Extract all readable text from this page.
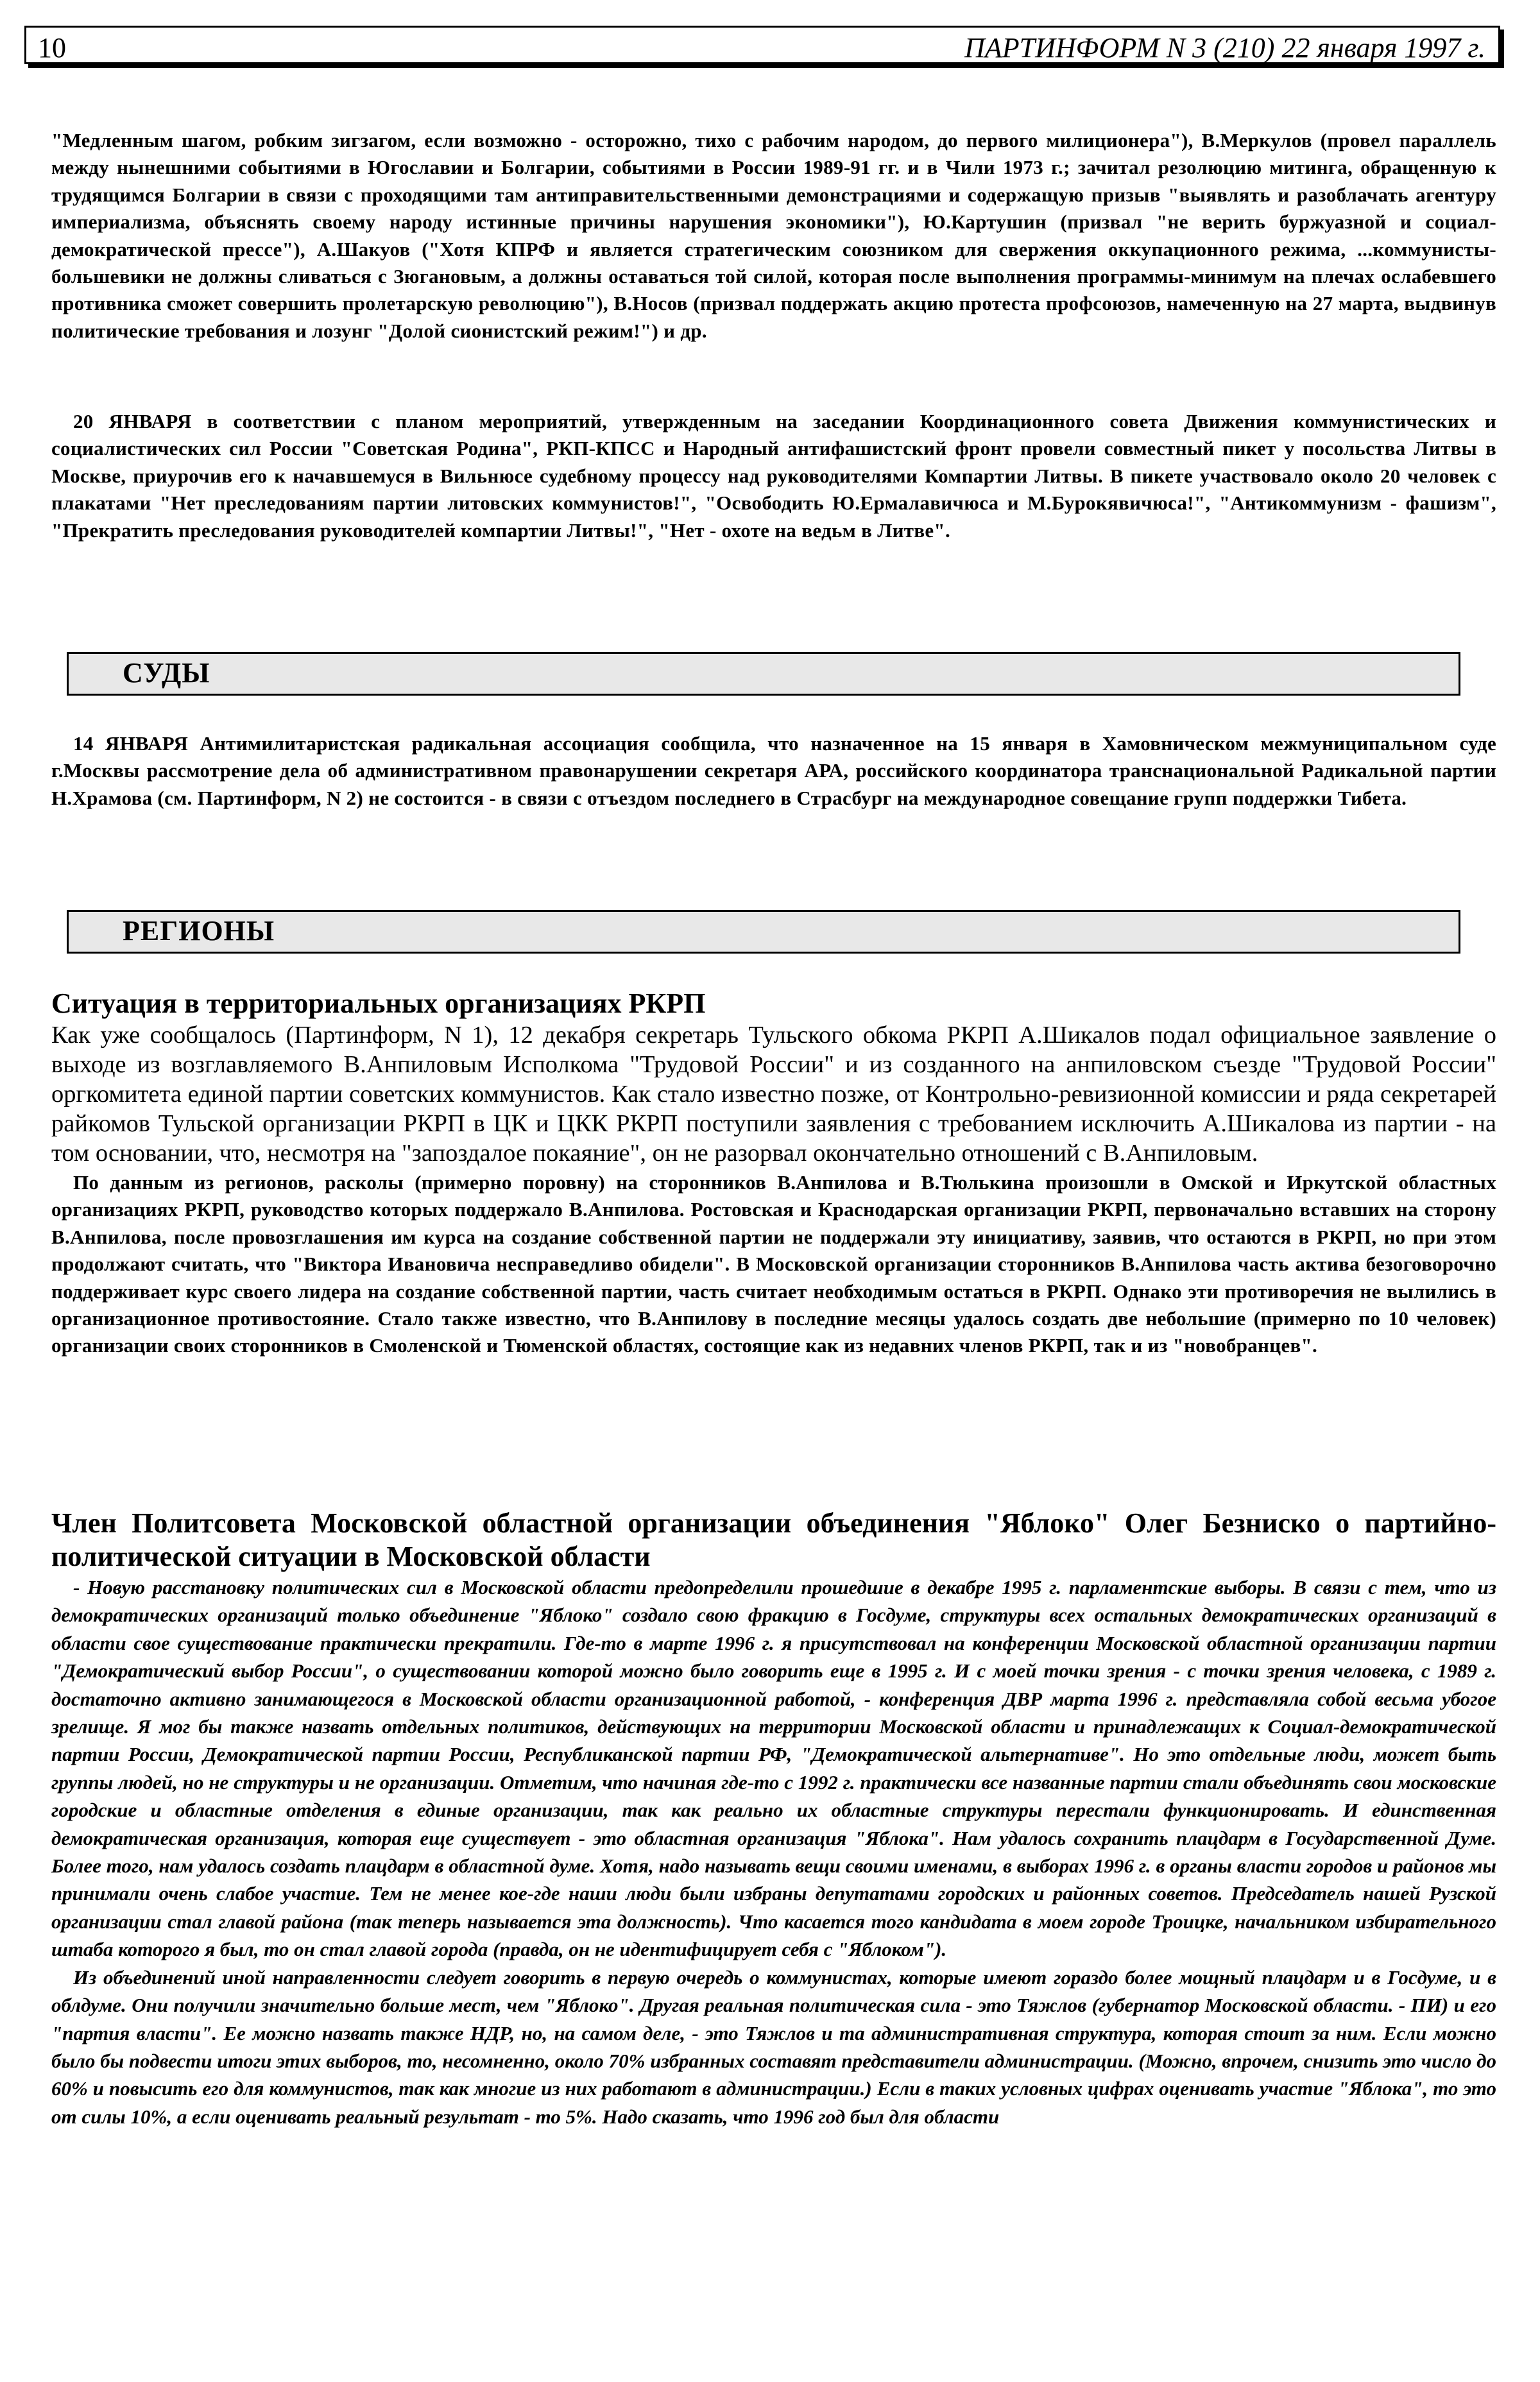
10	ПАРТИНФОРМ N 3 (210) 22 января 1997 г.

"Медленным шагом, робким зигзагом, если возможно - осторожно, тихо с рабочим народом, до первого милиционера"), В.Меркулов (провел параллель между нынешними событиями в Югославии и Болгарии, событиями в России 1989-91 гг. и в Чили 1973 г.; зачитал резолюцию митинга, обращенную к трудящимся Болгарии в связи с проходящими там антиправительственными демонстрациями и содержащую призыв "выявлять и разоблачать агентуру империализма, объяснять своему народу истинные причины нарушения экономики"), Ю.Картушин (призвал "не верить буржуазной и социал-демократической прессе"), А.Шакуов ("Хотя КПРФ и является стратегическим союзником для свержения оккупационного режима, ...коммунисты-большевики не должны сливаться с Зюгановым, а должны оставаться той силой, которая после выполнения программы-минимум на плечах ослабевшего противника сможет совершить пролетарскую революцию"), В.Носов (призвал поддержать акцию протеста профсоюзов, намеченную на 27 марта, выдвинув политические требования и лозунг "Долой сионистский режим!") и др.

20 ЯНВАРЯ в соответствии с планом мероприятий, утвержденным на заседании Координационного совета Движения коммунистических и социалистических сил России "Советская Родина", РКП-КПСС и Народный антифашистский фронт провели совместный пикет у посольства Литвы в Москве, приурочив его к начавшемуся в Вильнюсе судебному процессу над руководителями Компартии Литвы. В пикете участвовало около 20 человек с плакатами "Нет преследованиям партии литовских коммунистов!", "Освободить Ю.Ермалавичюса и М.Бурокявичюса!", "Антикоммунизм - фашизм", "Прекратить преследования руководителей компартии Литвы!", "Нет - охоте на ведьм в Литве".

СУДЫ

14 ЯНВАРЯ Антимилитаристская радикальная ассоциация сообщила, что назначенное на 15 января в Хамовническом межмуниципальном суде г.Москвы рассмотрение дела об административном правонарушении секретаря АРА, российского координатора транснациональной Радикальной партии Н.Храмова (см. Партинформ, N 2) не состоится - в связи с отъездом последнего в Страсбург на международное совещание групп поддержки Тибета.

РЕГИОНЫ
Ситуация в территориальных организациях РКРП

Как уже сообщалось (Партинформ, N 1), 12 декабря секретарь Тульского обкома РКРП А.Шикалов подал официальное заявление о выходе из возглавляемого В.Анпиловым Исполкома "Трудовой России" и из созданного на анпиловском съезде "Трудовой России" оргкомитета единой партии советских коммунистов. Как стало известно позже, от Контрольно-ревизионной комиссии и ряда секретарей райкомов Тульской организации РКРП в ЦК и ЦКК РКРП поступили заявления с требованием исключить А.Шикалова из партии - на том основании, что, несмотря на "запоздалое покаяние", он не разорвал окончательно отношений с В.Анпиловым.

По данным из регионов, расколы (примерно поровну) на сторонников В.Анпилова и В.Тюлькина произошли в Омской и Иркутской областных организациях РКРП, руководство которых поддержало В.Анпилова. Ростовская и Краснодарская организации РКРП, первоначально вставших на сторону В.Анпилова, после провозглашения им курса на создание собственной партии не поддержали эту инициативу, заявив, что остаются в РКРП, но при этом продолжают считать, что "Виктора Ивановича несправедливо обидели". В Московской организации сторонников В.Анпилова часть актива безоговорочно поддерживает курс своего лидера на создание собственной партии, часть считает необходимым остаться в РКРП. Однако эти противоречия не вылились в организационное противостояние. Стало также известно, что В.Анпилову в последние месяцы удалось создать две небольшие (примерно по 10 человек) организации своих сторонников в Смоленской и Тюменской областях, состоящие как из недавних членов РКРП, так и из "новобранцев".

Член Политсовета Московской областной организации объединения "Яблоко" Олег Безниско о партийно-политической ситуации в Московской области

- Новую расстановку политических сил в Московской области предопределили прошедшие в декабре 1995 г. парламентские выборы. В связи с тем, что из демократических организаций только объединение "Яблоко" создало свою фракцию в Госдуме, структуры всех остальных демократических организаций в области свое существование практически прекратили. Где-то в марте 1996 г. я присутствовал на конференции Московской областной организации партии "Демократический выбор России", о существовании которой можно было говорить еще в 1995 г. И с моей точки зрения - с точки зрения человека, с 1989 г. достаточно активно занимающегося в Московской области организационной работой, - конференция ДВР марта 1996 г. представляла собой весьма убогое зрелище. Я мог бы также назвать отдельных политиков, действующих на территории Московской области и принадлежащих к Социал-демократической партии России, Демократической партии России, Республиканской партии РФ, "Демократической альтернативе". Но это отдельные люди, может быть группы людей, но не структуры и не организации. Отметим, что начиная где-то с 1992 г. практически все названные партии стали объединять свои московские городские и областные отделения в единые организации, так как реально их областные структуры перестали функционировать. И единственная демократическая организация, которая еще существует - это областная организация "Яблока". Нам удалось сохранить плацдарм в Государственной Думе. Более того, нам удалось создать плацдарм в областной думе. Хотя, надо называть вещи своими именами, в выборах 1996 г. в органы власти городов и районов мы принимали очень слабое участие. Тем не менее кое-где наши люди были избраны депутатами городских и районных советов. Председатель нашей Рузской организации стал главой района (так теперь называется эта должность). Что касается того кандидата в моем городе Троицке, начальником избирательного штаба которого я был, то он стал главой города (правда, он не идентифицирует себя с "Яблоком").

Из объединений иной направленности следует говорить в первую очередь о коммунистах, которые имеют гораздо более мощный плацдарм и в Госдуме, и в облдуме. Они получили значительно больше мест, чем "Яблоко". Другая реальная политическая сила - это Тяжлов (губернатор Московской области. - ПИ) и его "партия власти". Ее можно назвать также НДР, но, на самом деле, - это Тяжлов и та административная структура, которая стоит за ним. Если можно было бы подвести итоги этих выборов, то, несомненно, около 70% избранных составят представители администрации. (Можно, впрочем, снизить это число до 60% и повысить его для коммунистов, так как многие из них работают в администрации.) Если в таких условных цифрах оценивать участие "Яблока", то это от силы 10%, а если оценивать реальный результат - то 5%. Надо сказать, что 1996 год был для области
